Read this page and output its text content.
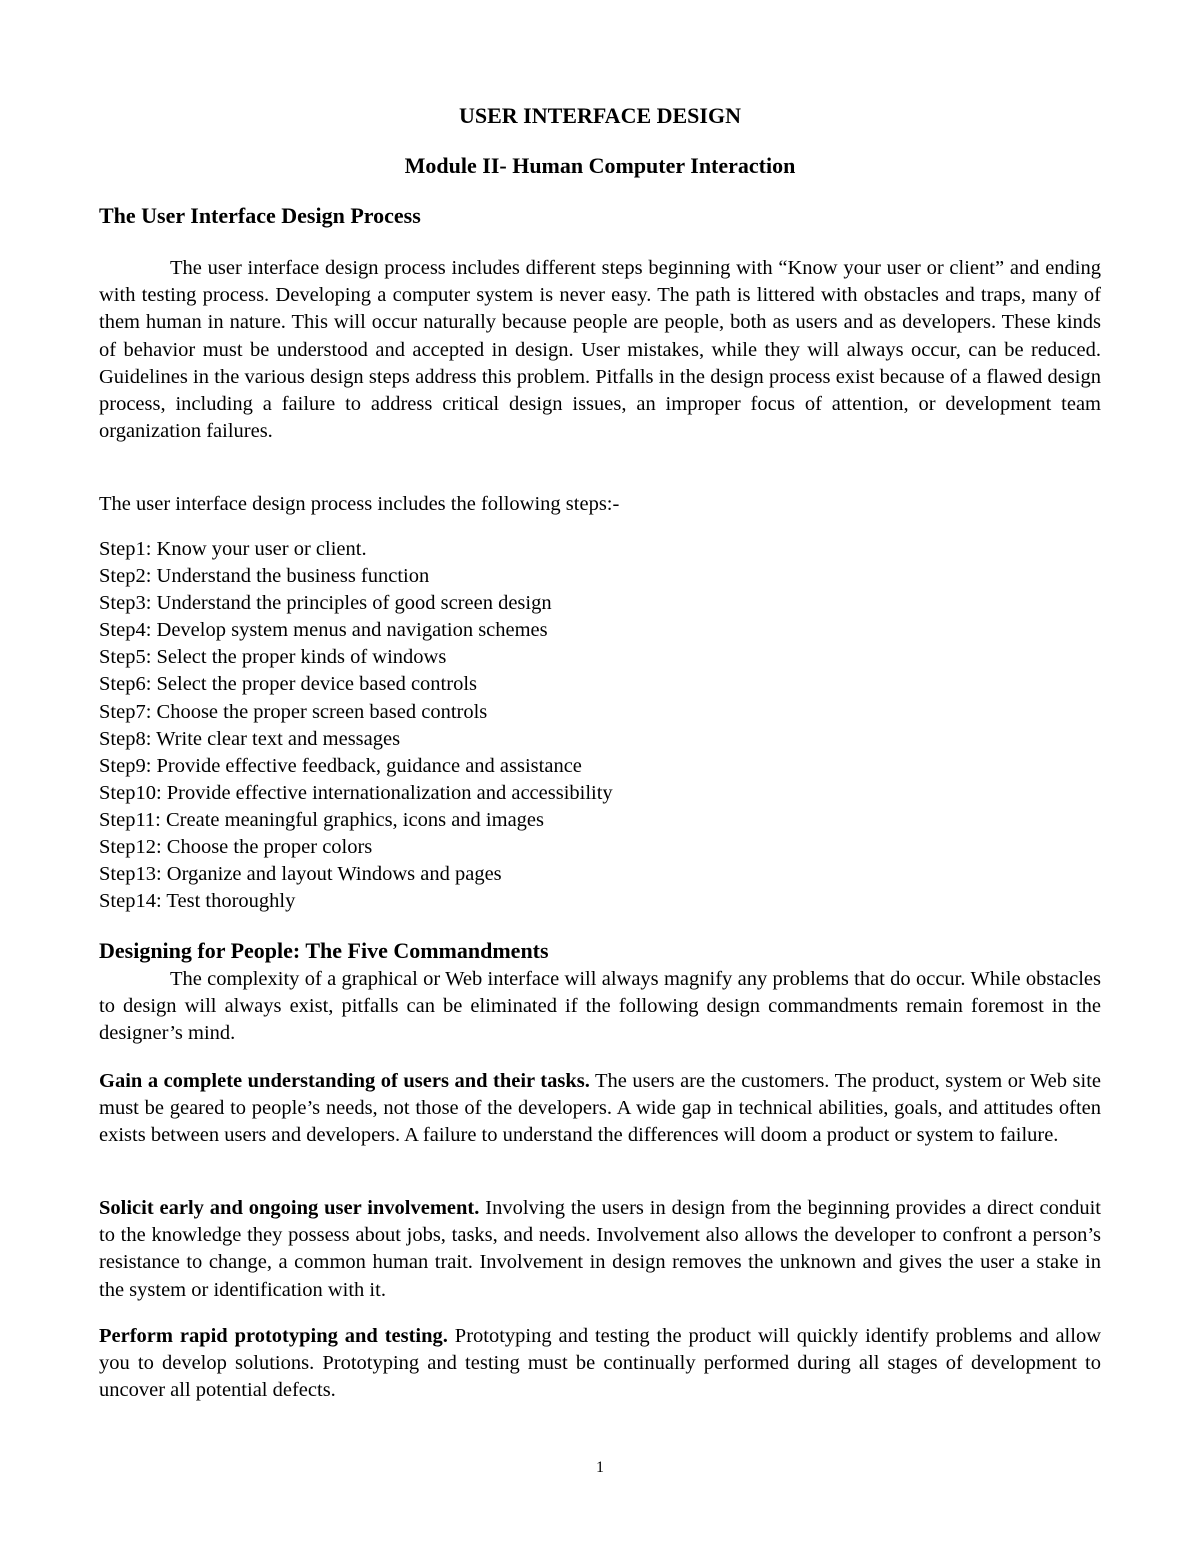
USER INTERFACE DESIGN
Module II- Human Computer Interaction
The User Interface Design Process

The user interface design process includes different steps beginning with “Know your user or client” and ending with testing process. Developing a computer system is never easy. The path is littered with obstacles and traps, many of them human in nature. This will occur naturally because people are people, both as users and as developers. These kinds of behavior must be understood and accepted in design. User mistakes, while they will always occur, can be reduced. Guidelines in the various design steps address this problem. Pitfalls in the design process exist because of a flawed design process, including a failure to address critical design issues, an improper focus of attention, or development team organization failures.

The user interface design process includes the following steps:-

Step1: Know your user or client.
Step2: Understand the business function
Step3: Understand the principles of good screen design
Step4: Develop system menus and navigation schemes
Step5: Select the proper kinds of windows
Step6: Select the proper device based controls
Step7: Choose the proper screen based controls
Step8: Write clear text and messages
Step9: Provide effective feedback, guidance and assistance
Step10: Provide effective internationalization and accessibility
Step11: Create meaningful graphics, icons and images
Step12: Choose the proper colors
Step13: Organize and layout Windows and pages
Step14: Test thoroughly
Designing for People: The Five Commandments

The complexity of a graphical or Web interface will always magnify any problems that do occur. While obstacles to design will always exist, pitfalls can be eliminated if the following design commandments remain foremost in the designer’s mind.

Gain a complete understanding of users and their tasks. The users are the customers. The product, system or Web site must be geared to people’s needs, not those of the developers. A wide gap in technical abilities, goals, and attitudes often exists between users and developers. A failure to understand the differences will doom a product or system to failure.

Solicit early and ongoing user involvement. Involving the users in design from the beginning provides a direct conduit to the knowledge they possess about jobs, tasks, and needs. Involvement also allows the developer to confront a person’s resistance to change, a common human trait. Involvement in design removes the unknown and gives the user a stake in the system or identification with it.

Perform rapid prototyping and testing. Prototyping and testing the product will quickly identify problems and allow you to develop solutions. Prototyping and testing must be continually performed during all stages of development to uncover all potential defects.

1
